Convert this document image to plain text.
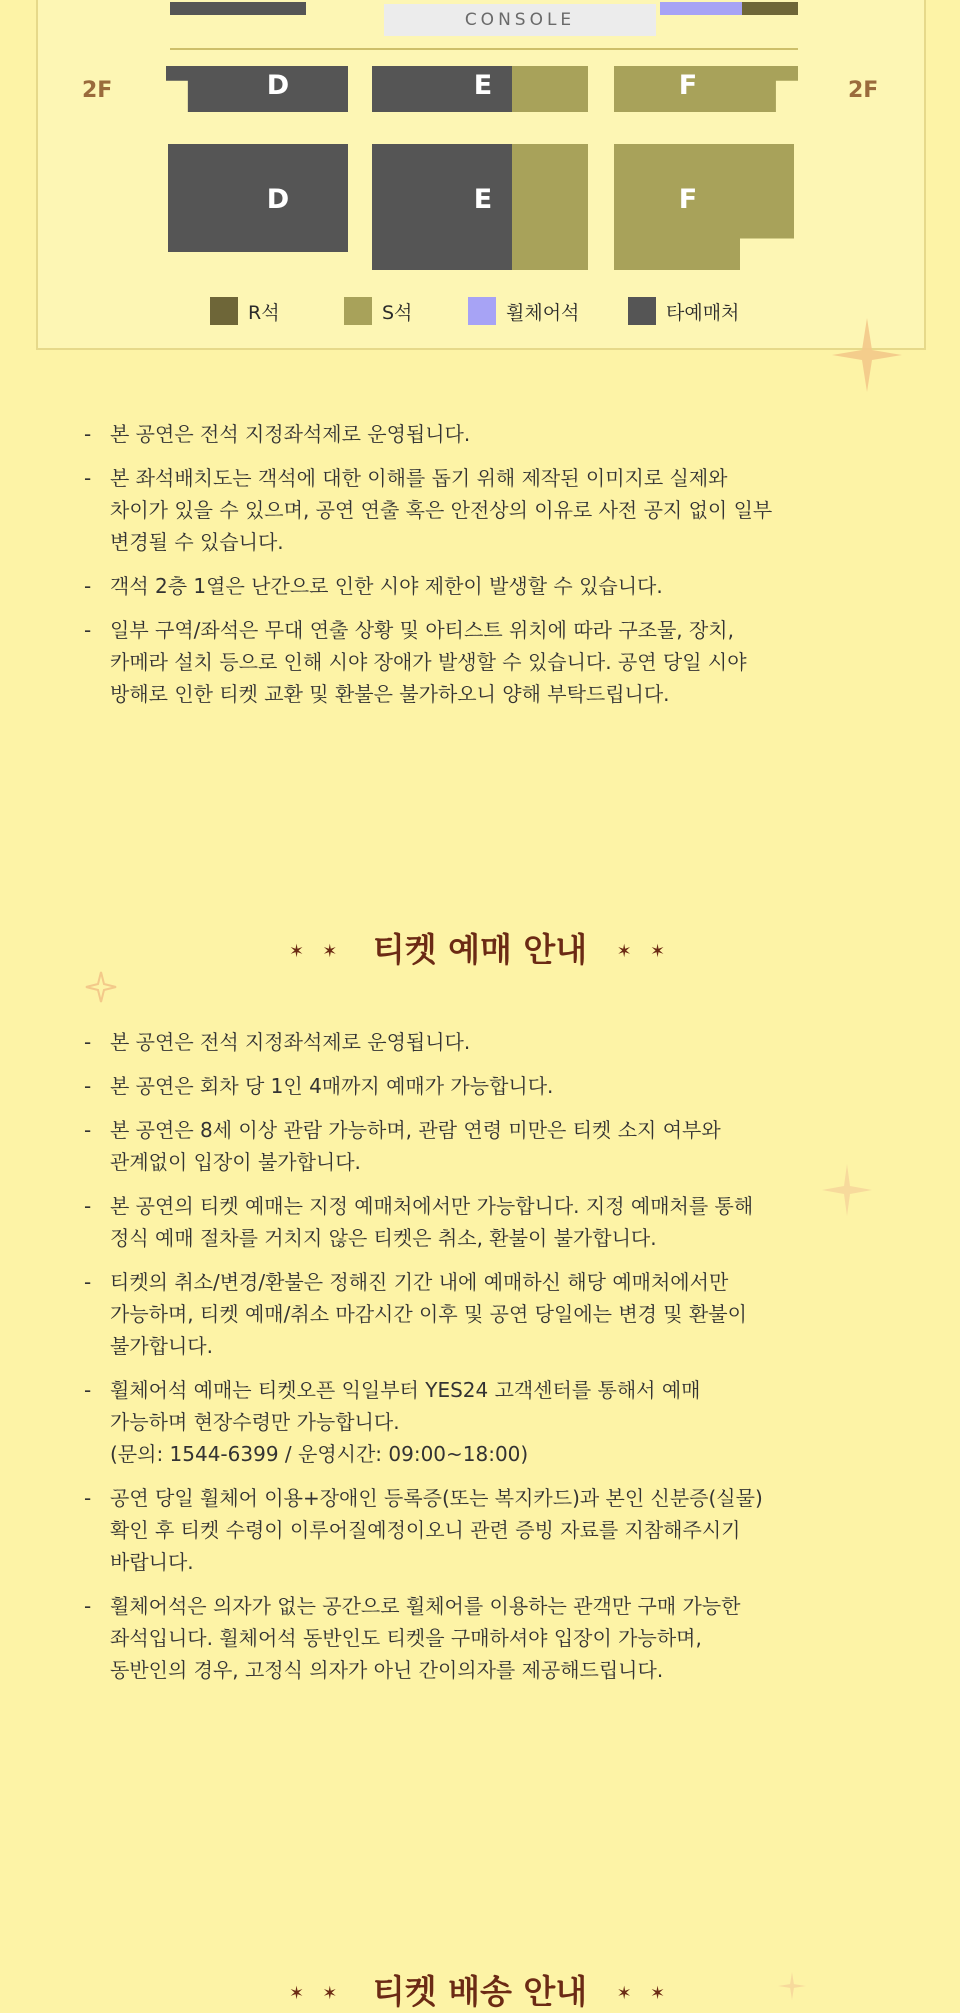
CONSOLE
2F	2F
D	E	F
D	E	F
R석	S석	휠체어석	타예매처
- 본 공연은 전석 지정좌석제로 운영됩니다.
- 본 좌석배치도는 객석에 대한 이해를 돕기 위해 제작된 이미지로 실제와
차이가 있을 수 있으며, 공연 연출 혹은 안전상의 이유로 사전 공지 없이 일부
변경될 수 있습니다.
- 객석 2층 1열은 난간으로 인한 시야 제한이 발생할 수 있습니다.
- 일부 구역/좌석은 무대 연출 상황 및 아티스트 위치에 따라 구조물, 장치,
카메라 설치 등으로 인해 시야 장애가 발생할 수 있습니다. 공연 당일 시야
방해로 인한 티켓 교환 및 환불은 불가하오니 양해 부탁드립니다.
✶ ✶ 티켓 예매 안내 ✶ ✶
- 본 공연은 전석 지정좌석제로 운영됩니다.
- 본 공연은 회차 당 1인 4매까지 예매가 가능합니다.
- 본 공연은 8세 이상 관람 가능하며, 관람 연령 미만은 티켓 소지 여부와
관계없이 입장이 불가합니다.
- 본 공연의 티켓 예매는 지정 예매처에서만 가능합니다. 지정 예매처를 통해
정식 예매 절차를 거치지 않은 티켓은 취소, 환불이 불가합니다.
- 티켓의 취소/변경/환불은 정해진 기간 내에 예매하신 해당 예매처에서만
가능하며, 티켓 예매/취소 마감시간 이후 및 공연 당일에는 변경 및 환불이
불가합니다.
- 휠체어석 예매는 티켓오픈 익일부터 YES24 고객센터를 통해서 예매
가능하며 현장수령만 가능합니다.
(문의: 1544-6399 / 운영시간: 09:00~18:00)
- 공연 당일 휠체어 이용+장애인 등록증(또는 복지카드)과 본인 신분증(실물)
확인 후 티켓 수령이 이루어질예정이오니 관련 증빙 자료를 지참해주시기
바랍니다.
- 휠체어석은 의자가 없는 공간으로 휠체어를 이용하는 관객만 구매 가능한
좌석입니다. 휠체어석 동반인도 티켓을 구매하셔야 입장이 가능하며,
동반인의 경우, 고정식 의자가 아닌 간이의자를 제공해드립니다.
✶ ✶ 티켓 배송 안내 ✶ ✶
